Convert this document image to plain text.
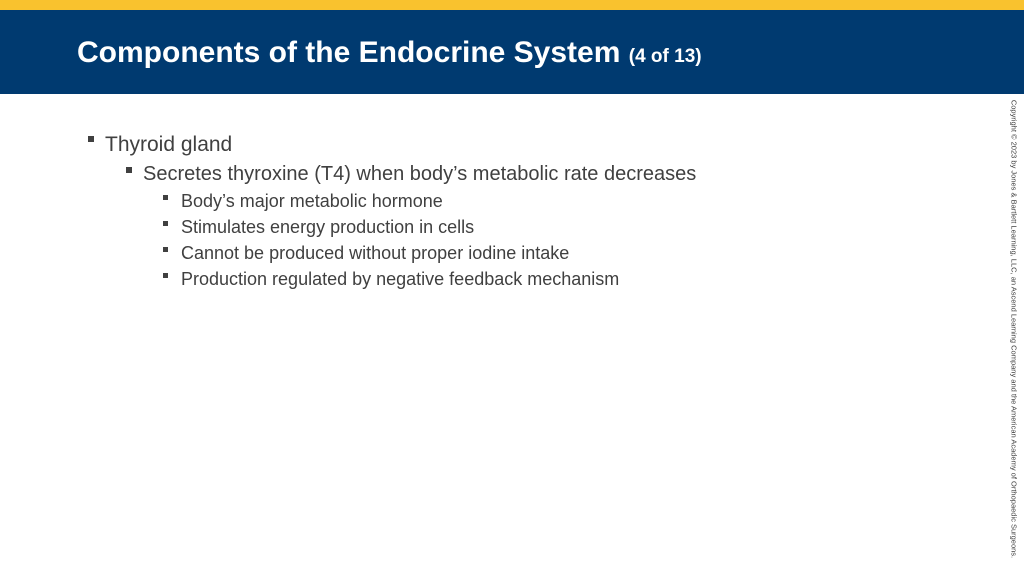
Components of the Endocrine System (4 of 13)
Thyroid gland
Secretes thyroxine (T4) when body’s metabolic rate decreases
Body’s major metabolic hormone
Stimulates energy production in cells
Cannot be produced without proper iodine intake
Production regulated by negative feedback mechanism	Copyright © 2023 by Jones & Bartlett Learning, LLC, an Ascend Learning Company and the American Academy of Orthopaedic Surgeons.
